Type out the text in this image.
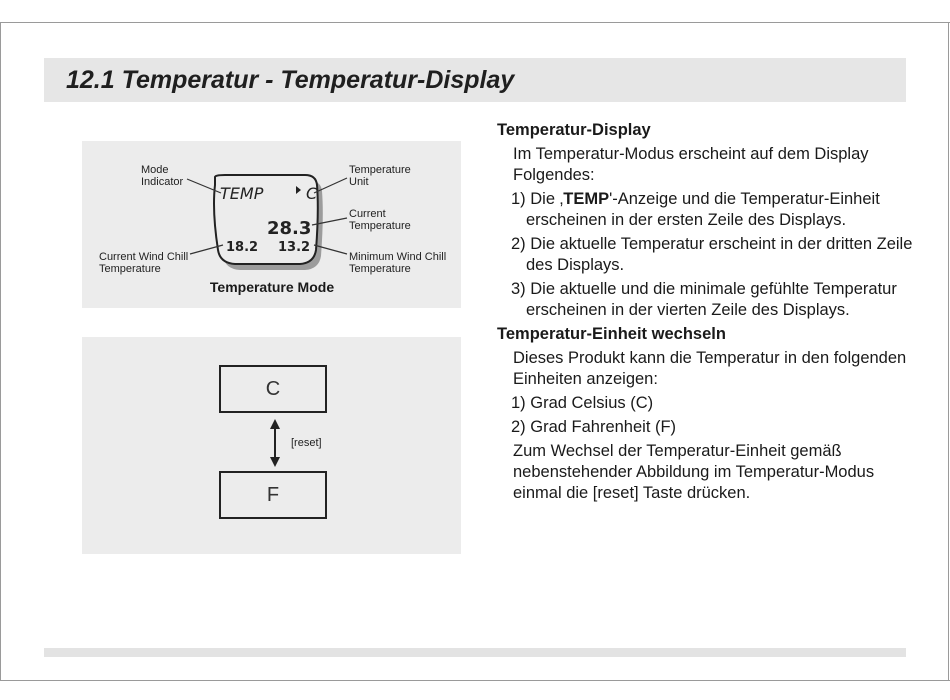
12.1 Temperatur - Temperatur-Display
Mode
Indicator
Temperature
Unit
Current
Temperature
Current Wind Chill
Temperature
Minimum Wind Chill
Temperature
TEMP	C
28.3
18.2 13.2
Temperature Mode
C
[reset]
F

Temperatur-Display

Im Temperatur-Modus erscheint auf dem Display Folgendes:

1) Die ‚TEMP'-Anzeige und die Temperatur-Einheit erscheinen in der ersten Zeile des Displays.

2) Die aktuelle Temperatur erscheint in der dritten Zeile des Displays.

3) Die aktuelle und die minimale gefühlte Temperatur erscheinen in der vierten Zeile des Displays.

Temperatur-Einheit wechseln

Dieses Produkt kann die Temperatur in den folgenden Einheiten anzeigen:

1) Grad Celsius (C)

2) Grad Fahrenheit (F)

Zum Wechsel der Temperatur-Einheit gemäß nebenstehender Abbildung im Temperatur-Modus einmal die [reset] Taste drücken.
